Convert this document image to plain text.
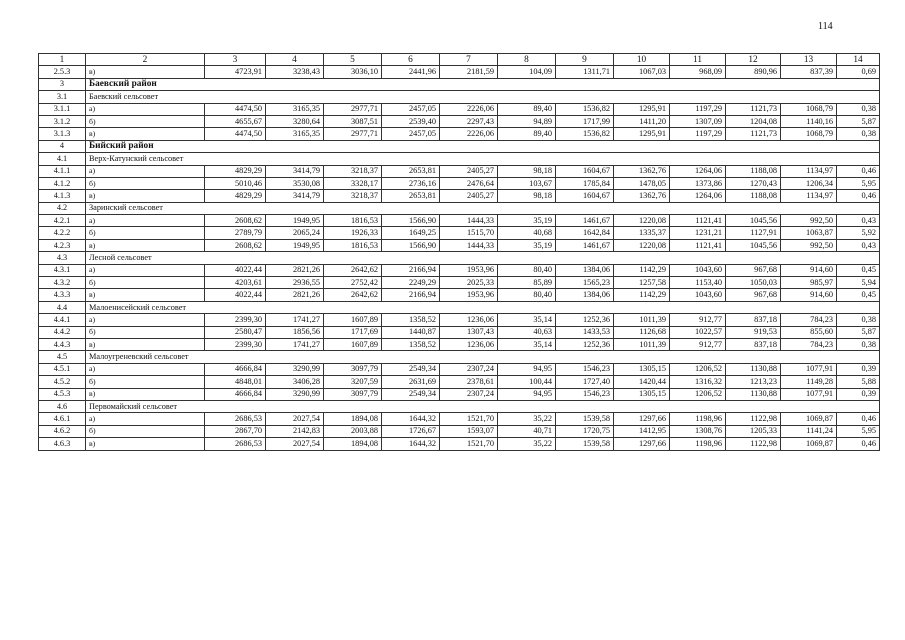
114
1	2	3	4	5	6	7	8	9	10	11	12	13	14
2.5.3	в)	4723,91	3238,43	3036,10	2441,96	2181,59	104,09	1311,71	1067,03	968,09	890,96	837,39	0,69
3	Баевский район												
3.1	Баевский сельсовет												
3.1.1	а)	4474,50	3165,35	2977,71	2457,05	2226,06	89,40	1536,82	1295,91	1197,29	1121,73	1068,79	0,38
3.1.2	б)	4655,67	3280,64	3087,51	2539,40	2297,43	94,89	1717,99	1411,20	1307,09	1204,08	1140,16	5,87
3.1.3	в)	4474,50	3165,35	2977,71	2457,05	2226,06	89,40	1536,82	1295,91	1197,29	1121,73	1068,79	0,38
4	Бийский район												
4.1	Верх-Катунский сельсовет												
4.1.1	а)	4829,29	3414,79	3218,37	2653,81	2405,27	98,18	1604,67	1362,76	1264,06	1188,08	1134,97	0,46
4.1.2	б)	5010,46	3530,08	3328,17	2736,16	2476,64	103,67	1785,84	1478,05	1373,86	1270,43	1206,34	5,95
4.1.3	в)	4829,29	3414,79	3218,37	2653,81	2405,27	98,18	1604,67	1362,76	1264,06	1188,08	1134,97	0,46
4.2	Заринский сельсовет												
4.2.1	а)	2608,62	1949,95	1816,53	1566,90	1444,33	35,19	1461,67	1220,08	1121,41	1045,56	992,50	0,43
4.2.2	б)	2789,79	2065,24	1926,33	1649,25	1515,70	40,68	1642,84	1335,37	1231,21	1127,91	1063,87	5,92
4.2.3	в)	2608,62	1949,95	1816,53	1566,90	1444,33	35,19	1461,67	1220,08	1121,41	1045,56	992,50	0,43
4.3	Лесной сельсовет												
4.3.1	а)	4022,44	2821,26	2642,62	2166,94	1953,96	80,40	1384,06	1142,29	1043,60	967,68	914,60	0,45
4.3.2	б)	4203,61	2936,55	2752,42	2249,29	2025,33	85,89	1565,23	1257,58	1153,40	1050,03	985,97	5,94
4.3.3	в)	4022,44	2821,26	2642,62	2166,94	1953,96	80,40	1384,06	1142,29	1043,60	967,68	914,60	0,45
4.4	Малоенисейский сельсовет												
4.4.1	а)	2399,30	1741,27	1607,89	1358,52	1236,06	35,14	1252,36	1011,39	912,77	837,18	784,23	0,38
4.4.2	б)	2580,47	1856,56	1717,69	1440,87	1307,43	40,63	1433,53	1126,68	1022,57	919,53	855,60	5,87
4.4.3	в)	2399,30	1741,27	1607,89	1358,52	1236,06	35,14	1252,36	1011,39	912,77	837,18	784,23	0,38
4.5	Малоугреневский сельсовет												
4.5.1	а)	4666,84	3290,99	3097,79	2549,34	2307,24	94,95	1546,23	1305,15	1206,52	1130,88	1077,91	0,39
4.5.2	б)	4848,01	3406,28	3207,59	2631,69	2378,61	100,44	1727,40	1420,44	1316,32	1213,23	1149,28	5,88
4.5.3	в)	4666,84	3290,99	3097,79	2549,34	2307,24	94,95	1546,23	1305,15	1206,52	1130,88	1077,91	0,39
4.6	Первомайский сельсовет												
4.6.1	а)	2686,53	2027,54	1894,08	1644,32	1521,70	35,22	1539,58	1297,66	1198,96	1122,98	1069,87	0,46
4.6.2	б)	2867,70	2142,83	2003,88	1726,67	1593,07	40,71	1720,75	1412,95	1308,76	1205,33	1141,24	5,95
4.6.3	в)	2686,53	2027,54	1894,08	1644,32	1521,70	35,22	1539,58	1297,66	1198,96	1122,98	1069,87	0,46
